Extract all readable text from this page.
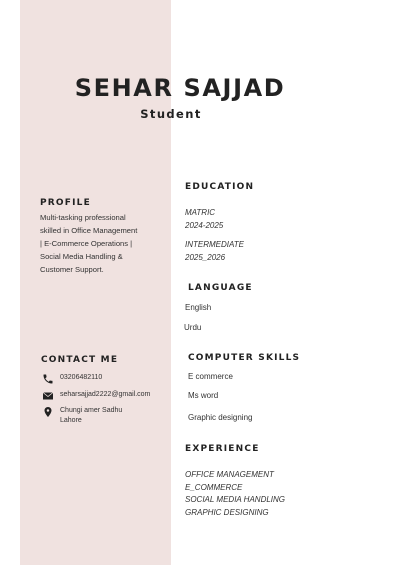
SEHAR SAJJAD
Student
PROFILE
Multi-tasking professional
skilled in Office Management
| E-Commerce Operations |
Social Media Handling &
Customer Support.
CONTACT ME
03206482110
seharsajjad2222@gmail.com
Chungi amer Sadhu
Lahore
EDUCATION
MATRIC
2024-2025
INTERMEDIATE
2025_2026
LANGUAGE
English
Urdu
COMPUTER SKILLS
E commerce
Ms word
Graphic designing
EXPERIENCE
OFFICE MANAGEMENT
E_COMMERCE
SOCIAL MEDIA HANDLING
GRAPHIC DESIGNING
